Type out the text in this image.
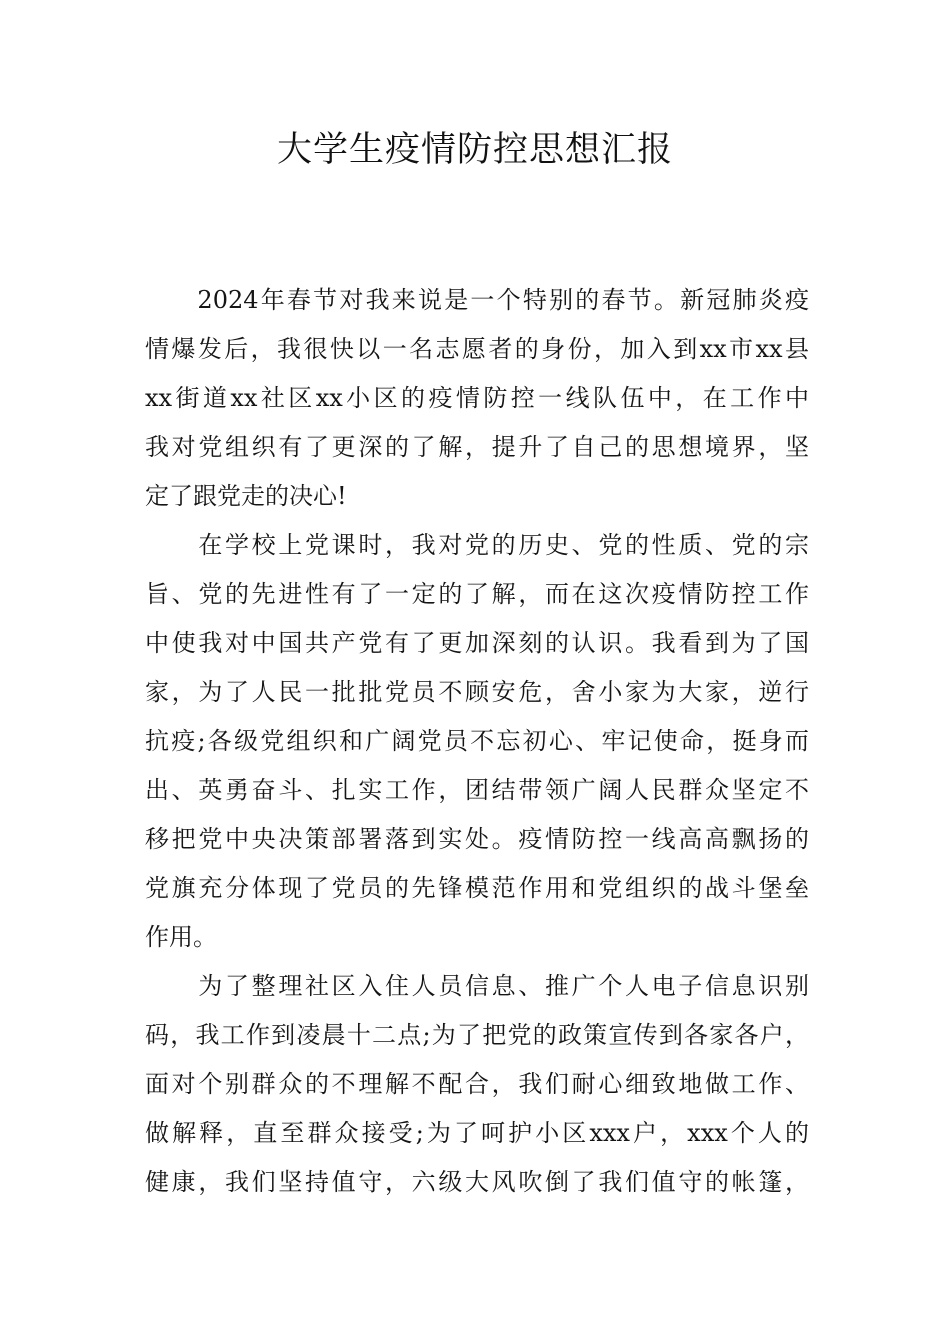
大学生疫情防控思想汇报
　　2024年春节对我来说是一个特别的春节。新冠肺炎疫
情爆发后，我很快以一名志愿者的身份，加入到xx市xx县
xx街道xx社区xx小区的疫情防控一线队伍中，在工作中
我对党组织有了更深的了解，提升了自己的思想境界，坚
定了跟党走的决心!
　　在学校上党课时，我对党的历史、党的性质、党的宗
旨、党的先进性有了一定的了解，而在这次疫情防控工作
中使我对中国共产党有了更加深刻的认识。我看到为了国
家，为了人民一批批党员不顾安危，舍小家为大家，逆行
抗疫;各级党组织和广阔党员不忘初心、牢记使命，挺身而
出、英勇奋斗、扎实工作，团结带领广阔人民群众坚定不
移把党中央决策部署落到实处。疫情防控一线高高飘扬的
党旗充分体现了党员的先锋模范作用和党组织的战斗堡垒
作用。
　　为了整理社区入住人员信息、推广个人电子信息识别
码，我工作到凌晨十二点;为了把党的政策宣传到各家各户，
面对个别群众的不理解不配合，我们耐心细致地做工作、
做解释，直至群众接受;为了呵护小区xxx户，xxx个人的
健康，我们坚持值守，六级大风吹倒了我们值守的帐篷，
